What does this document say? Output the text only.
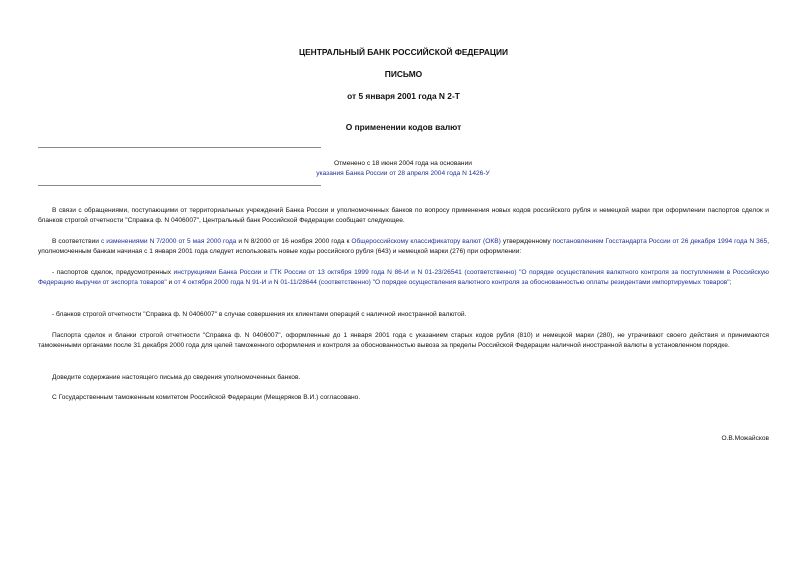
ЦЕНТРАЛЬНЫЙ БАНК РОССИЙСКОЙ ФЕДЕРАЦИИ
ПИСЬМО
от 5 января 2001 года N 2-Т
О применении кодов валют
Отменено с 18 июня 2004 года на основании
указания Банка России от 28 апреля 2004 года N 1426-У
В связи с обращениями, поступающими от территориальных учреждений Банка России и уполномоченных банков по вопросу применения новых кодов российского рубля и немецкой марки при оформлении паспортов сделок и бланков строгой отчетности "Справка ф. N 0406007", Центральный банк Российской Федерации сообщает следующее.
В соответствии с изменениями N 7/2000 от 5 мая 2000 года и N 8/2000 от 16 ноября 2000 года к Общероссийскому классификатору валют (ОКВ) утвержденному постановлением Госстандарта России от 26 декабря 1994 года N 365, уполномоченным банкам начиная с 1 января 2001 года следует использовать новые коды российского рубля (643) и немецкой марки (276) при оформлении:
- паспортов сделок, предусмотренных инструкциями Банка России и ГТК России от 13 октября 1999 года N 86-И и N 01-23/26541 (соответственно) "О порядке осуществления валютного контроля за поступлением в Российскую Федерацию выручки от экспорта товаров" и от 4 октября 2000 года N 91-И и N 01-11/28644 (соответственно) "О порядке осуществления валютного контроля за обоснованностью оплаты резидентами импортируемых товаров";
- бланков строгой отчетности "Справка ф. N 0406007" в случае совершения их клиентами операций с наличной иностранной валютой.
Паспорта сделок и бланки строгой отчетности "Справка ф. N 0406007", оформленные до 1 января 2001 года с указанием старых кодов рубля (810) и немецкой марки (280), не утрачивают своего действия и принимаются таможенными органами после 31 декабря 2000 года для целей таможенного оформления и контроля за обоснованностью вывоза за пределы Российской Федерации наличной иностранной валюты в установленном порядке.
Доведите содержание настоящего письма до сведения уполномоченных банков.
С Государственным таможенным комитетом Российской Федерации (Мещеряков В.И.) согласовано.
О.В.Можайсков
